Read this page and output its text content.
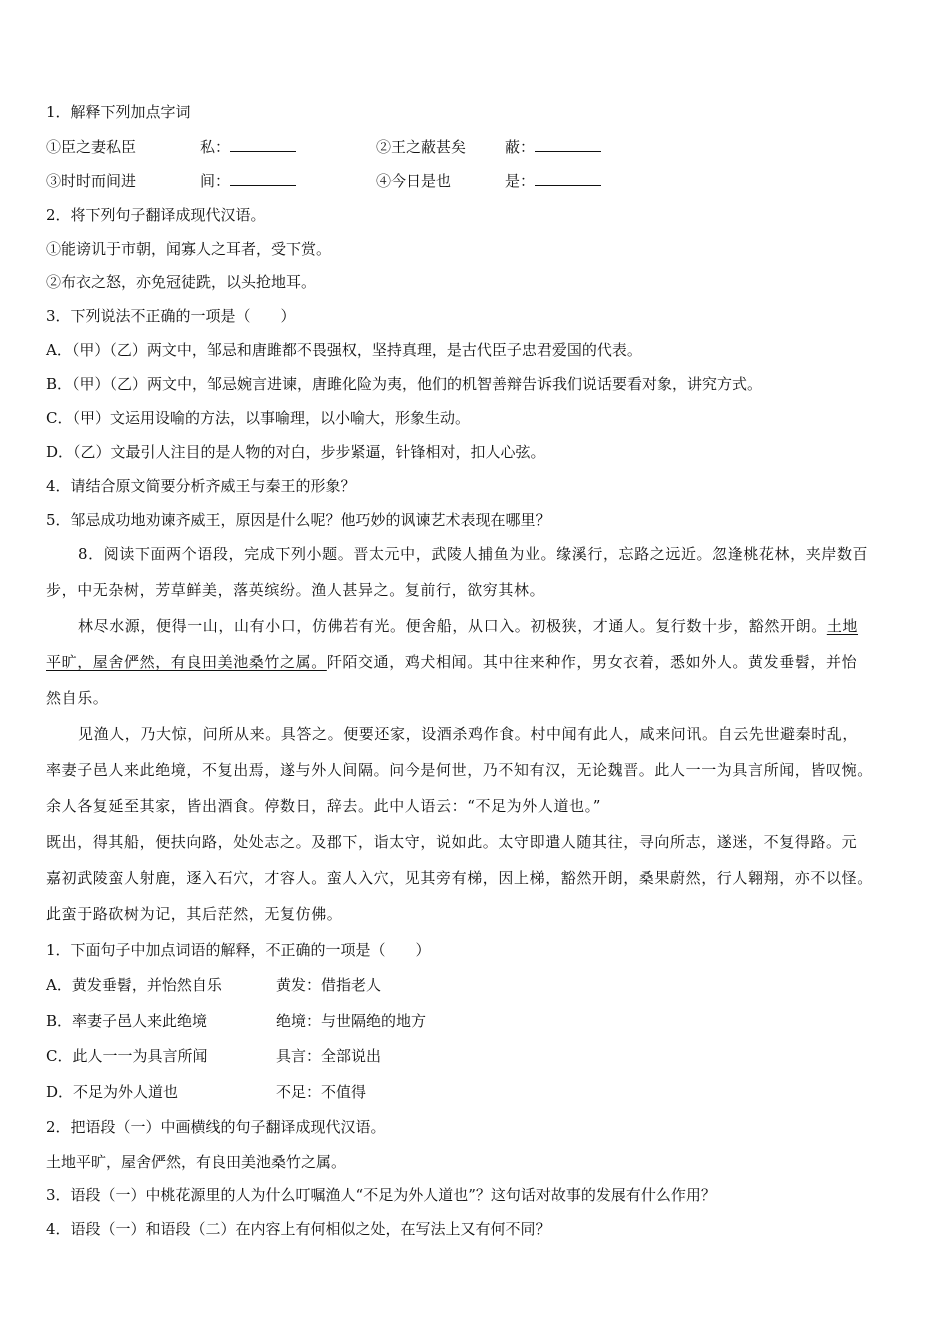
1．解释下列加点字词
①臣之妻私臣	私：	②王之蔽甚矣	蔽：
③时时而间进	间：	④今日是也	是：
2．将下列句子翻译成现代汉语。
①能谤讥于市朝，闻寡人之耳者，受下赏。
②布衣之怒，亦免冠徒跣，以头抢地耳。
3．下列说法不正确的一项是（　　）
A．（甲）（乙）两文中，邹忌和唐雎都不畏强权，坚持真理，是古代臣子忠君爱国的代表。
B．（甲）（乙）两文中，邹忌婉言进谏，唐雎化险为夷，他们的机智善辩告诉我们说话要看对象，讲究方式。
C．（甲）文运用设喻的方法，以事喻理，以小喻大，形象生动。
D．（乙）文最引人注目的是人物的对白，步步紧逼，针锋相对，扣人心弦。
4．请结合原文简要分析齐威王与秦王的形象？
5．邹忌成功地劝谏齐威王，原因是什么呢？他巧妙的讽谏艺术表现在哪里？
8．阅读下面两个语段，完成下列小题。晋太元中，武陵人捕鱼为业。缘溪行，忘路之远近。忽逢桃花林，夹岸数百
步，中无杂树，芳草鲜美，落英缤纷。渔人甚异之。复前行，欲穷其林。
林尽水源，便得一山，山有小口，仿佛若有光。便舍船，从口入。初极狭，才通人。复行数十步，豁然开朗。土地
平旷，屋舍俨然，有良田美池桑竹之属。阡陌交通，鸡犬相闻。其中往来种作，男女衣着，悉如外人。黄发垂髫，并怡
然自乐。
见渔人，乃大惊，问所从来。具答之。便要还家，设酒杀鸡作食。村中闻有此人，咸来问讯。自云先世避秦时乱，
率妻子邑人来此绝境，不复出焉，遂与外人间隔。问今是何世，乃不知有汉，无论魏晋。此人一一为具言所闻，皆叹惋。
余人各复延至其家，皆出酒食。停数日，辞去。此中人语云：“不足为外人道也。”
既出，得其船，便扶向路，处处志之。及郡下，诣太守，说如此。太守即遣人随其往，寻向所志，遂迷，不复得路。元
嘉初武陵蛮人射鹿，逐入石穴，才容人。蛮人入穴，见其旁有梯，因上梯，豁然开朗，桑果蔚然，行人翱翔，亦不以怪。
此蛮于路砍树为记，其后茫然，无复仿佛。
1．下面句子中加点词语的解释，不正确的一项是（　　）
A．黄发垂髫，并怡然自乐	黄发：借指老人
B．率妻子邑人来此绝境	绝境：与世隔绝的地方
C．此人一一为具言所闻	具言：全部说出
D．不足为外人道也	不足：不值得
2．把语段（一）中画横线的句子翻译成现代汉语。
土地平旷，屋舍俨然，有良田美池桑竹之属。
3．语段（一）中桃花源里的人为什么叮嘱渔人“不足为外人道也”？这句话对故事的发展有什么作用？
4．语段（一）和语段（二）在内容上有何相似之处，在写法上又有何不同？
